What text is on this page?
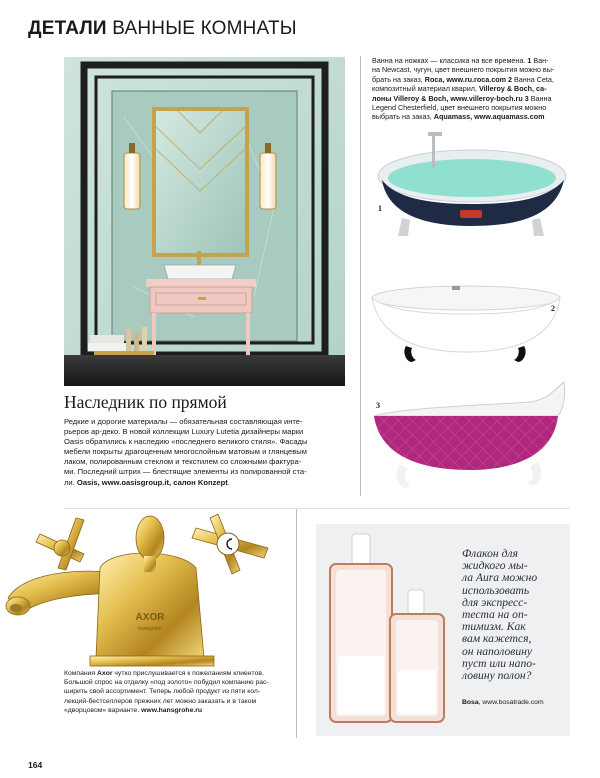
ДЕТАЛИ ВАННЫЕ КОМНАТЫ
Ванна на ножках — классика на все времена. 1 Ван-
на Newcast, чугун, цвет внешнего покрытия можно вы-
брать на заказ, Roca, www.ru.roca.com 2 Ванна Ceta,
композитный материал кварил, Villeroy & Boch, са-
лоны Villeroy & Boch, www.villeroy-boch.ru 3 Ванна
Legend Chesterfield, цвет внешнего покрытия можно
выбрать на заказ, Aquamass, www.aquamass.com
1
2
3
Наследник по прямой
Редкие и дорогие материалы — обязательная составляющая инте-
рьеров ар-деко. В новой коллекции Luxury Lutetia дизайнеры марки
Oasis обратились к наследию «последнего великого стиля». Фасады
мебели покрыты драгоценным многослойным матовым и глянцевым
лаком, полированным стеклом и текстилем со сложными фактура-
ми. Последний штрих — блестящие элементы из полированной ста-
ли. Oasis, www.oasisgroup.it, салон Konzept.
AXOR
hansgrohe
Компания Axor чутко прислушивается к пожеланиям клиентов.
Большой спрос на отделку «под золото» побудил компанию рас-
ширить свой ассортимент. Теперь любой продукт из пяти кол-
лекций-бестселлеров прежних лет можно заказать и в таком
«дворцовом» варианте. www.hansgrohe.ru
Флакон для
жидкого мы-
ла Aura можно
использовать
для экспресс-
теста на оп-
тимизм. Как
вам кажется,
он наполовину
пуст или напо-
ловину полон?
Bosa, www.bosatrade.com
164
